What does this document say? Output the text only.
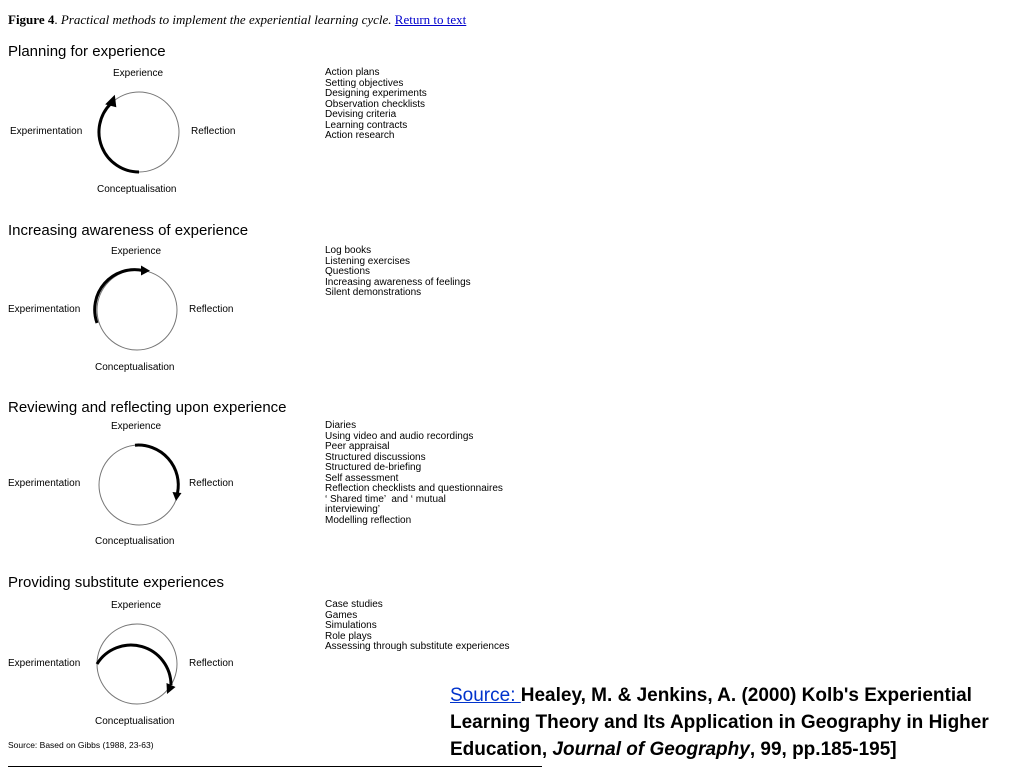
Figure 4. Practical methods to implement the experiential learning cycle. Return to text
Planning for experience
Experience
Experimentation	Reflection
Conceptualisation
Action plans
Setting objectives
Designing experiments
Observation checklists
Devising criteria
Learning contracts
Action research
Increasing awareness of experience
Experience
Experimentation	Reflection
Conceptualisation
Log books
Listening exercises
Questions
Increasing awareness of feelings
Silent demonstrations
Reviewing and reflecting upon experience
Experience
Experimentation	Reflection
Conceptualisation
Diaries
Using video and audio recordings
Peer appraisal
Structured discussions
Structured de-briefing
Self assessment
Reflection checklists and questionnaires
‘ Shared time’  and ‘ mutual
interviewing’
Modelling reflection
Providing substitute experiences
Experience
Experimentation	Reflection
Conceptualisation
Case studies
Games
Simulations
Role plays
Assessing through substitute experiences
Source: Based on Gibbs (1988, 23-63)
Source: Healey, M. & Jenkins, A. (2000) Kolb's Experiential Learning Theory and Its Application in Geography in Higher Education, Journal of Geography, 99, pp.185-195]
